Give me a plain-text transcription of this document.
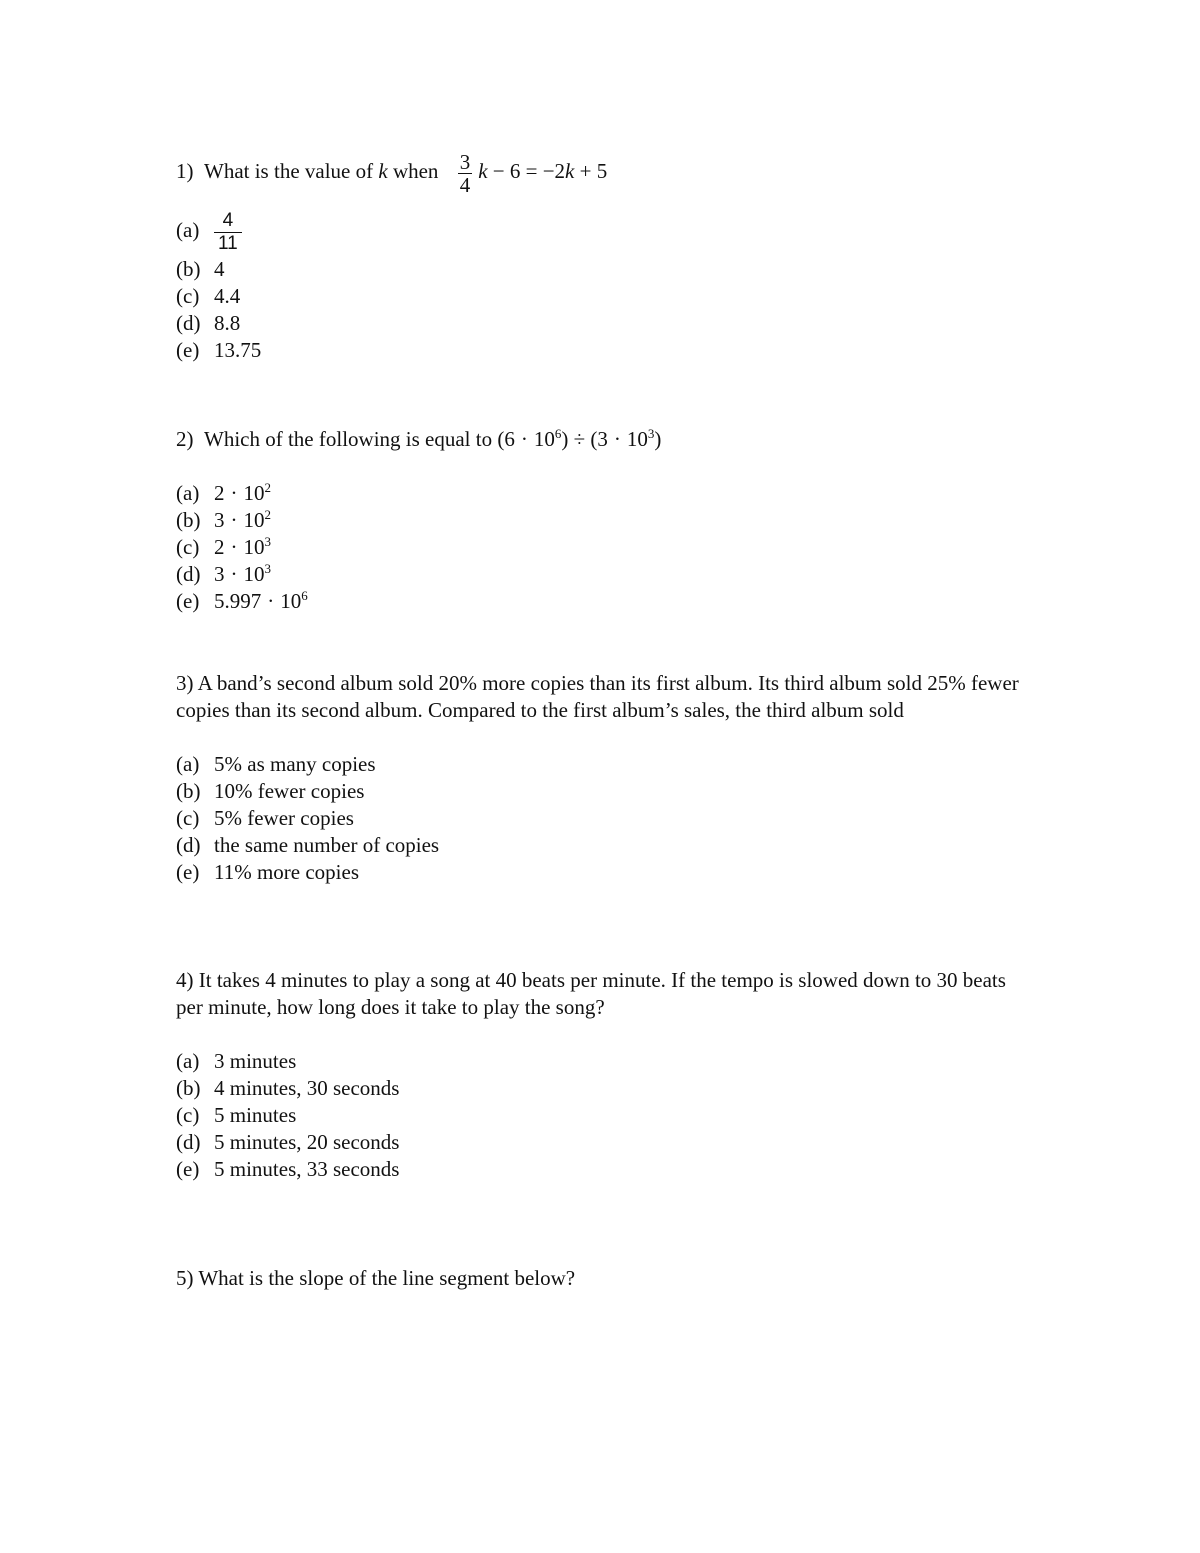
1) What is the value of k when $\frac{3}{4}$ k − 6 = −2k + 5
$(a) \frac{4}{11}$
(b) 4
(c) 4.4
(d) 8.8
(e) 13.75
2) Which of the following is equal to $(6 \cdot 10^6) \div (3 \cdot 10^3)$
(a) $2 \cdot 10^2$
(b) $3 \cdot 10^2$
(c) $2 \cdot 10^3$
(d) $3 \cdot 10^3$
(e) $5.997 \cdot 10^6$
3) A band’s second album sold 20% more copies than its first album. Its third album sold 25% fewer copies than its second album. Compared to the first album’s sales, the third album sold
(a) 5% as many copies
(b) 10% fewer copies
(c) 5% fewer copies
(d) the same number of copies
(e) 11% more copies
4) It takes 4 minutes to play a song at 40 beats per minute. If the tempo is slowed down to 30 beats per minute, how long does it take to play the song?
(a) 3 minutes
(b) 4 minutes, 30 seconds
(c) 5 minutes
(d) 5 minutes, 20 seconds
(e) 5 minutes, 33 seconds
5) What is the slope of the line segment below?
